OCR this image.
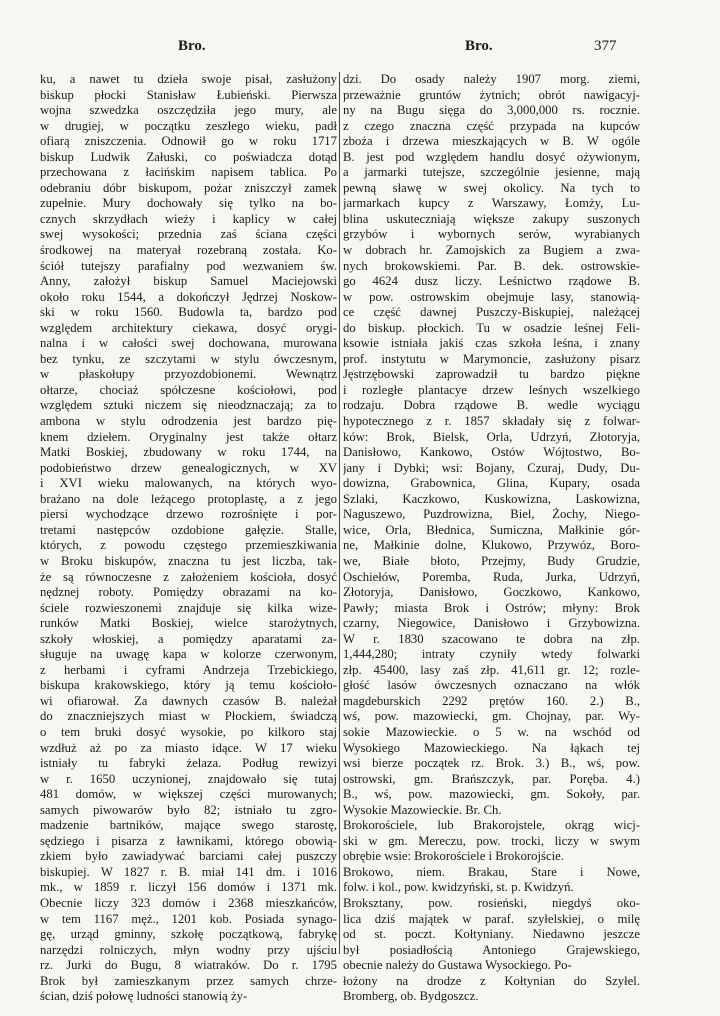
Bro.	Bro.	377
ku, a nawet tu dzieła swoje pisał, zasłużony
biskup płocki Stanisław Łubieński. Pierwsza
wojna szwedzka oszczędziła jego mury, ale
w drugiej, w początku zeszłego wieku, padł
ofiarą zniszczenia. Odnowił go w roku 1717
biskup Ludwik Załuski, co poświadcza dotąd
przechowana z łacińskim napisem tablica. Po
odebraniu dóbr biskupom, pożar zniszczył zamek
zupełnie. Mury dochowały się tylko na bo-
cznych skrzydłach wieży i kaplicy w całej
swej wysokości; przednia zaś ściana części
środkowej na materyał rozebraną została. Ko-
ściół tutejszy parafialny pod wezwaniem św.
Anny, założył biskup Samuel Maciejowski
około roku 1544, a dokończył Jędrzej Noskow-
ski w roku 1560. Budowla ta, bardzo pod
względem architektury ciekawa, dosyć orygi-
nalna i w całości swej dochowana, murowana
bez tynku, ze szczytami w stylu ówczesnym,
w płaskołupy przyozdobionemi. Wewnątrz
ołtarze, chociaż spółczesne kościołowi, pod
względem sztuki niczem się nieodznaczają; za to
ambona w stylu odrodzenia jest bardzo pię-
knem dziełem. Oryginalny jest także ołtarz
Matki Boskiej, zbudowany w roku 1744, na
podobieństwo drzew genealogicznych, w XV
i XVI wieku malowanych, na których wyo-
brażano na dole leżącego protoplastę, a z jego
piersi wychodzące drzewo rozrośnięte i por-
tretami następców ozdobione gałęzie. Stalle,
których, z powodu częstego przemieszkiwania
w Broku biskupów, znaczna tu jest liczba, tak-
że są równoczesne z założeniem kościoła, dosyć
nędznej roboty. Pomiędzy obrazami na ko-
ściele rozwieszonemi znajduje się kilka wize-
runków Matki Boskiej, wielce starożytnych,
szkoły włoskiej, a pomiędzy aparatami za-
sługuje na uwagę kapa w kolorze czerwonym,
z herbami i cyframi Andrzeja Trzebickiego,
biskupa krakowskiego, który ją temu kościoło-
wi ofiarował. Za dawnych czasów B. należał
do znaczniejszych miast w Płockiem, świadczą
o tem bruki dosyć wysokie, po kilkoro staj
wzdłuż aż po za miasto idące. W 17 wieku
istniały tu fabryki żelaza. Podług rewizyi
w r. 1650 uczynionej, znajdowało się tutaj
481 domów, w większej części murowanych;
samych piwowarów było 82; istniało tu zgro-
madzenie bartników, mające swego starostę,
sędziego i pisarza z ławnikami, którego obowią-
zkiem było zawiadywać barciami całej puszczy
biskupiej. W 1827 r. B. miał 141 dm. i 1016
mk., w 1859 r. liczył 156 domów i 1371 mk.
Obecnie liczy 323 domów i 2368 mieszkańców,
w tem 1167 męż., 1201 kob. Posiada synago-
gę, urząd gminny, szkołę początkową, fabrykę
narzędzi rolniczych, młyn wodny przy ujściu
rz. Jurki do Bugu, 8 wiatraków. Do r. 1795
Brok był zamieszkanym przez samych chrze-
ścian, dziś połowę ludności stanowią ży-
dzi. Do osady należy 1907 morg. ziemi,
przeważnie gruntów żytnich; obrót nawigacyj-
ny na Bugu sięga do 3,000,000 rs. rocznie.
z czego znaczna część przypada na kupców
zboża i drzewa mieszkających w B. W ogóle
B. jest pod względem handlu dosyć ożywionym,
a jarmarki tutejsze, szczególnie jesienne, mają
pewną sławę w swej okolicy. Na tych to
jarmarkach kupcy z Warszawy, Łomży, Lu-
blina uskuteczniają większe zakupy suszonych
grzybów i wybornych serów, wyrabianych
w dobrach hr. Zamojskich za Bugiem a zwa-
nych brokowskiemi. Par. B. dek. ostrowskie-
go 4624 dusz liczy. Leśnictwo rządowe B.
w pow. ostrowskim obejmuje lasy, stanowią-
ce część dawnej Puszczy-Biskupiej, należącej
do biskup. płockich. Tu w osadzie leśnej Feli-
ksowie istniała jakiś czas szkoła leśna, i znany
prof. instytutu w Marymoncie, zasłużony pisarz
Jęstrzębowski zaprowadził tu bardzo piękne
i rozległe plantacye drzew leśnych wszelkiego
rodzaju. Dobra rządowe B. wedle wyciągu
hypotecznego z r. 1857 składały się z folwar-
ków: Brok, Bielsk, Orla, Udrzyń, Złotoryja,
Danisłowo, Kankowo, Ostów Wójtostwo, Bo-
jany i Dybki; wsi: Bojany, Czuraj, Dudy, Du-
dowizna, Grabownica, Glina, Kupary, osada
Szlaki, Kaczkowo, Kuskowizna, Laskowizna,
Naguszewo, Puzdrowizna, Biel, Żochy, Niego-
wice, Orla, Błednica, Sumiczna, Małkinie gór-
ne, Małkinie dolne, Klukowo, Przywóz, Boro-
we, Białe błoto, Przejmy, Budy Grudzie,
Oschiełów, Poremba, Ruda, Jurka, Udrzyń,
Złotoryja, Danisłowo, Goczkowo, Kankowo,
Pawły; miasta Brok i Ostrów; młyny: Brok
czarny, Niegowice, Danisłowo i Grzybowizna.
W r. 1830 szacowano te dobra na złp.
1,444,280; intraty czyniły wtedy folwarki
złp. 45400, lasy zaś złp. 41,611 gr. 12; rozle-
głość lasów ówczesnych oznaczano na włók
magdeburskich 2292 prętów 160. 2.) B.,
wś, pow. mazowiecki, gm. Chojnay, par. Wy-
sokie Mazowieckie. o 5 w. na wschód od
Wysokiego Mazowieckiego. Na łąkach tej
wsi bierze początek rz. Brok. 3.) B., wś, pow.
ostrowski, gm. Brańszczyk, par. Poręba. 4.)
B., wś, pow. mazowiecki, gm. Sokoły, par.
Wysokie Mazowieckie. Br. Ch.
Brokorościele, lub Brakorojstele, okrąg wicj-
ski w gm. Mereczu, pow. trocki, liczy w swym
obrębie wsie: Brokorościele i Brokorojście.
Brokowo, niem. Brakau, Stare i Nowe,
folw. i kol., pow. kwidzyński, st. p. Kwidzyń.
Broksztany, pow. rosieński, niegdyś oko-
lica dziś majątek w paraf. szyłelskiej, o milę
od st. poczt. Kołtyniany. Niedawno jeszcze
był posiadłością Antoniego Grajewskiego,
obecnie należy do Gustawa Wysockiego. Po-
łożony na drodze z Kołtynian do Szyłel.
Bromberg, ob. Bydgoszcz.
